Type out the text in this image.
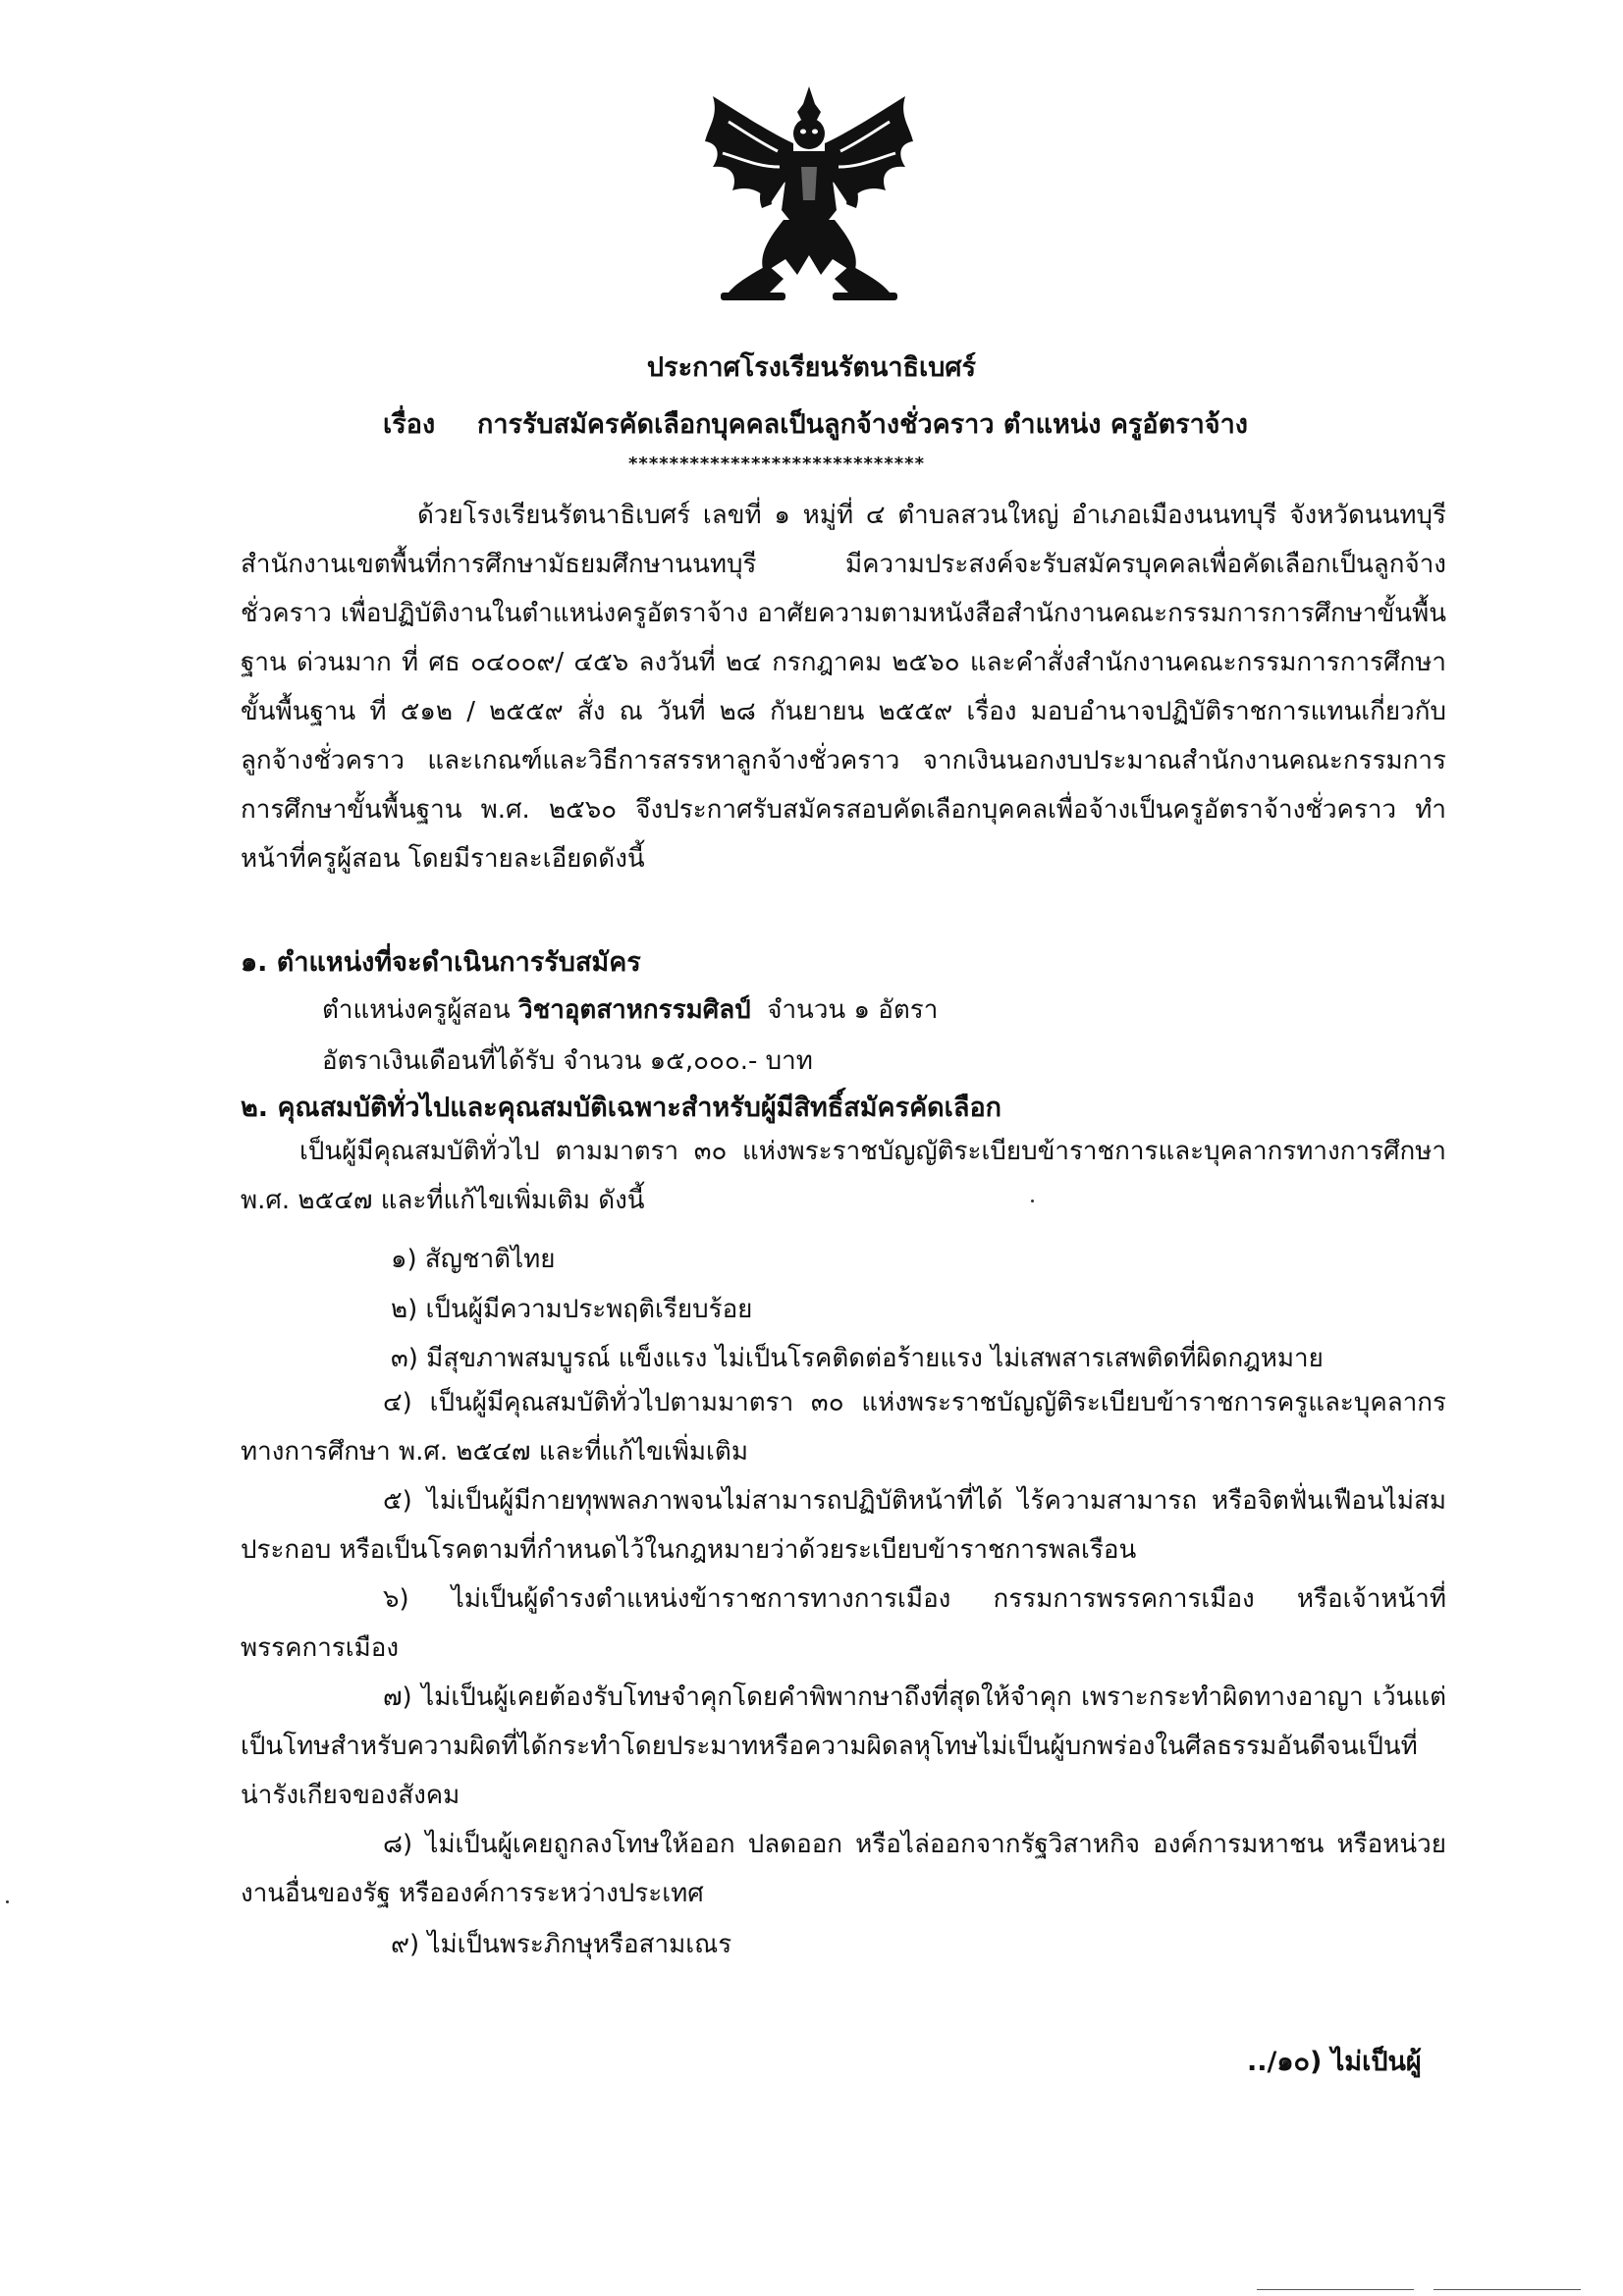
ประกาศโรงเรียนรัตนาธิเบศร์
เรื่อง การรับสมัครคัดเลือกบุคคลเป็นลูกจ้างชั่วคราว ตำแหน่ง ครูอัตราจ้าง
*****************************
ด้วยโรงเรียนรัตนาธิเบศร์ เลขที่ ๑ หมู่ที่ ๔ ตำบลสวนใหญ่ อำเภอเมืองนนทบุรี จังหวัดนนทบุรี สำนักงานเขตพื้นที่การศึกษามัธยมศึกษานนทบุรี มีความประสงค์จะรับสมัครบุคคลเพื่อคัดเลือกเป็นลูกจ้างชั่วคราว เพื่อปฏิบัติงานในตำแหน่งครูอัตราจ้าง อาศัยความตามหนังสือสำนักงานคณะกรรมการการศึกษาขั้นพื้นฐาน ด่วนมาก ที่ ศธ ๐๔๐๐๙/ ๔๕๖ ลงวันที่ ๒๔ กรกฎาคม ๒๕๖๐ และคำสั่งสำนักงานคณะกรรมการการศึกษาขั้นพื้นฐาน ที่ ๕๑๒ / ๒๕๕๙ สั่ง ณ วันที่ ๒๘ กันยายน ๒๕๕๙ เรื่อง มอบอำนาจปฏิบัติราชการแทนเกี่ยวกับลูกจ้างชั่วคราว และเกณฑ์และวิธีการสรรหาลูกจ้างชั่วคราว จากเงินนอกงบประมาณสำนักงานคณะกรรมการการศึกษาขั้นพื้นฐาน พ.ศ. ๒๕๖๐ จึงประกาศรับสมัครสอบคัดเลือกบุคคลเพื่อจ้างเป็นครูอัตราจ้างชั่วคราว ทำหน้าที่ครูผู้สอน โดยมีรายละเอียดดังนี้
๑. ตำแหน่งที่จะดำเนินการรับสมัคร
ตำแหน่งครูผู้สอน วิชาอุตสาหกรรมศิลป์ จำนวน ๑ อัตรา
อัตราเงินเดือนที่ได้รับ จำนวน ๑๕,๐๐๐.- บาท
๒. คุณสมบัติทั่วไปและคุณสมบัติเฉพาะสำหรับผู้มีสิทธิ์สมัครคัดเลือก
เป็นผู้มีคุณสมบัติทั่วไป ตามมาตรา ๓๐ แห่งพระราชบัญญัติระเบียบข้าราชการและบุคลากรทางการศึกษา พ.ศ. ๒๕๔๗ และที่แก้ไขเพิ่มเติม ดังนี้
๑) สัญชาติไทย
๒) เป็นผู้มีความประพฤติเรียบร้อย
๓) มีสุขภาพสมบูรณ์ แข็งแรง ไม่เป็นโรคติดต่อร้ายแรง ไม่เสพสารเสพติดที่ผิดกฎหมาย
๔) เป็นผู้มีคุณสมบัติทั่วไปตามมาตรา ๓๐ แห่งพระราชบัญญัติระเบียบข้าราชการครูและบุคลากรทางการศึกษา พ.ศ. ๒๕๔๗ และที่แก้ไขเพิ่มเติม
๕) ไม่เป็นผู้มีกายทุพพลภาพจนไม่สามารถปฏิบัติหน้าที่ได้ ไร้ความสามารถ หรือจิตฟั่นเฟือนไม่สมประกอบ หรือเป็นโรคตามที่กำหนดไว้ในกฎหมายว่าด้วยระเบียบข้าราชการพลเรือน
๖) ไม่เป็นผู้ดำรงตำแหน่งข้าราชการทางการเมือง กรรมการพรรคการเมือง หรือเจ้าหน้าที่พรรคการเมือง
๗) ไม่เป็นผู้เคยต้องรับโทษจำคุกโดยคำพิพากษาถึงที่สุดให้จำคุก เพราะกระทำผิดทางอาญา เว้นแต่เป็นโทษสำหรับความผิดที่ได้กระทำโดยประมาทหรือความผิดลหุโทษไม่เป็นผู้บกพร่องในศีลธรรมอันดีจนเป็นที่น่ารังเกียจของสังคม
๘) ไม่เป็นผู้เคยถูกลงโทษให้ออก ปลดออก หรือไล่ออกจากรัฐวิสาหกิจ องค์การมหาชน หรือหน่วยงานอื่นของรัฐ หรือองค์การระหว่างประเทศ
๙) ไม่เป็นพระภิกษุหรือสามเณร
../๑๐) ไม่เป็นผู้
